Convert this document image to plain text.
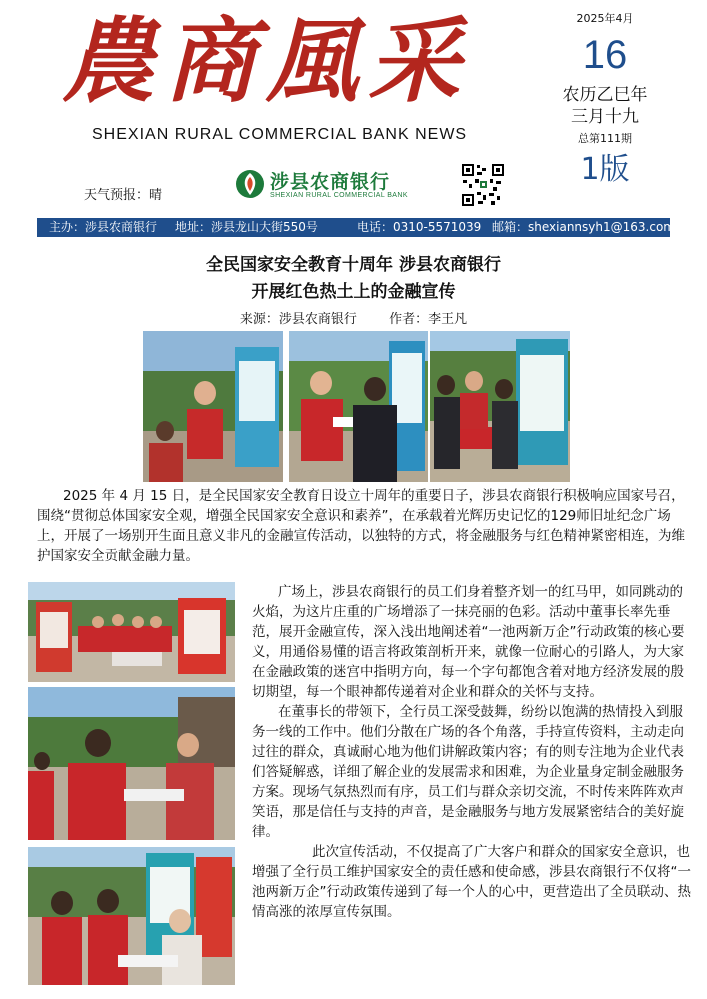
農商風采
SHEXIAN RURAL COMMERCIAL BANK NEWS
天气预报：晴
涉县农商银行
SHEXIAN RURAL COMMERCIAL BANK
2025年4月
16
农历乙巳年
三月十九
总第111期
1版
主办：涉县农商银行 地址：涉县龙山大街550号	电话：0310-5571039 邮箱：shexiannsyh1@163.com
全民国家安全教育十周年 涉县农商银行
开展红色热土上的金融宣传
来源：涉县农商银行 作者：李王凡

2025 年 4 月 15 日，是全民国家安全教育日设立十周年的重要日子，涉县农商银行积极响应国家号召，围绕“贯彻总体国家安全观，增强全民国家安全意识和素养”，在承载着光辉历史记忆的129师旧址纪念广场上，开展了一场别开生面且意义非凡的金融宣传活动，以独特的方式，将金融服务与红色精神紧密相连，为维护国家安全贡献金融力量。

广场上，涉县农商银行的员工们身着整齐划一的红马甲，如同跳动的火焰，为这片庄重的广场增添了一抹亮丽的色彩。活动中董事长率先垂范，展开金融宣传，深入浅出地阐述着“一池两新万企”行动政策的核心要义，用通俗易懂的语言将政策剖析开来，就像一位耐心的引路人，为大家在金融政策的迷宫中指明方向，每一个字句都饱含着对地方经济发展的殷切期望，每一个眼神都传递着对企业和群众的关怀与支持。

在董事长的带领下，全行员工深受鼓舞，纷纷以饱满的热情投入到服务一线的工作中。他们分散在广场的各个角落，手持宣传资料，主动走向过往的群众，真诚耐心地为他们讲解政策内容；有的则专注地为企业代表们答疑解惑，详细了解企业的发展需求和困难，为企业量身定制金融服务方案。现场气氛热烈而有序，员工们与群众亲切交流，不时传来阵阵欢声笑语，那是信任与支持的声音，是金融服务与地方发展紧密结合的美好旋律。

此次宣传活动，不仅提高了广大客户和群众的国家安全意识，也增强了全行员工维护国家安全的责任感和使命感，涉县农商银行不仅将“一池两新万企”行动政策传递到了每一个人的心中，更营造出了全员联动、热情高涨的浓厚宣传氛围。
